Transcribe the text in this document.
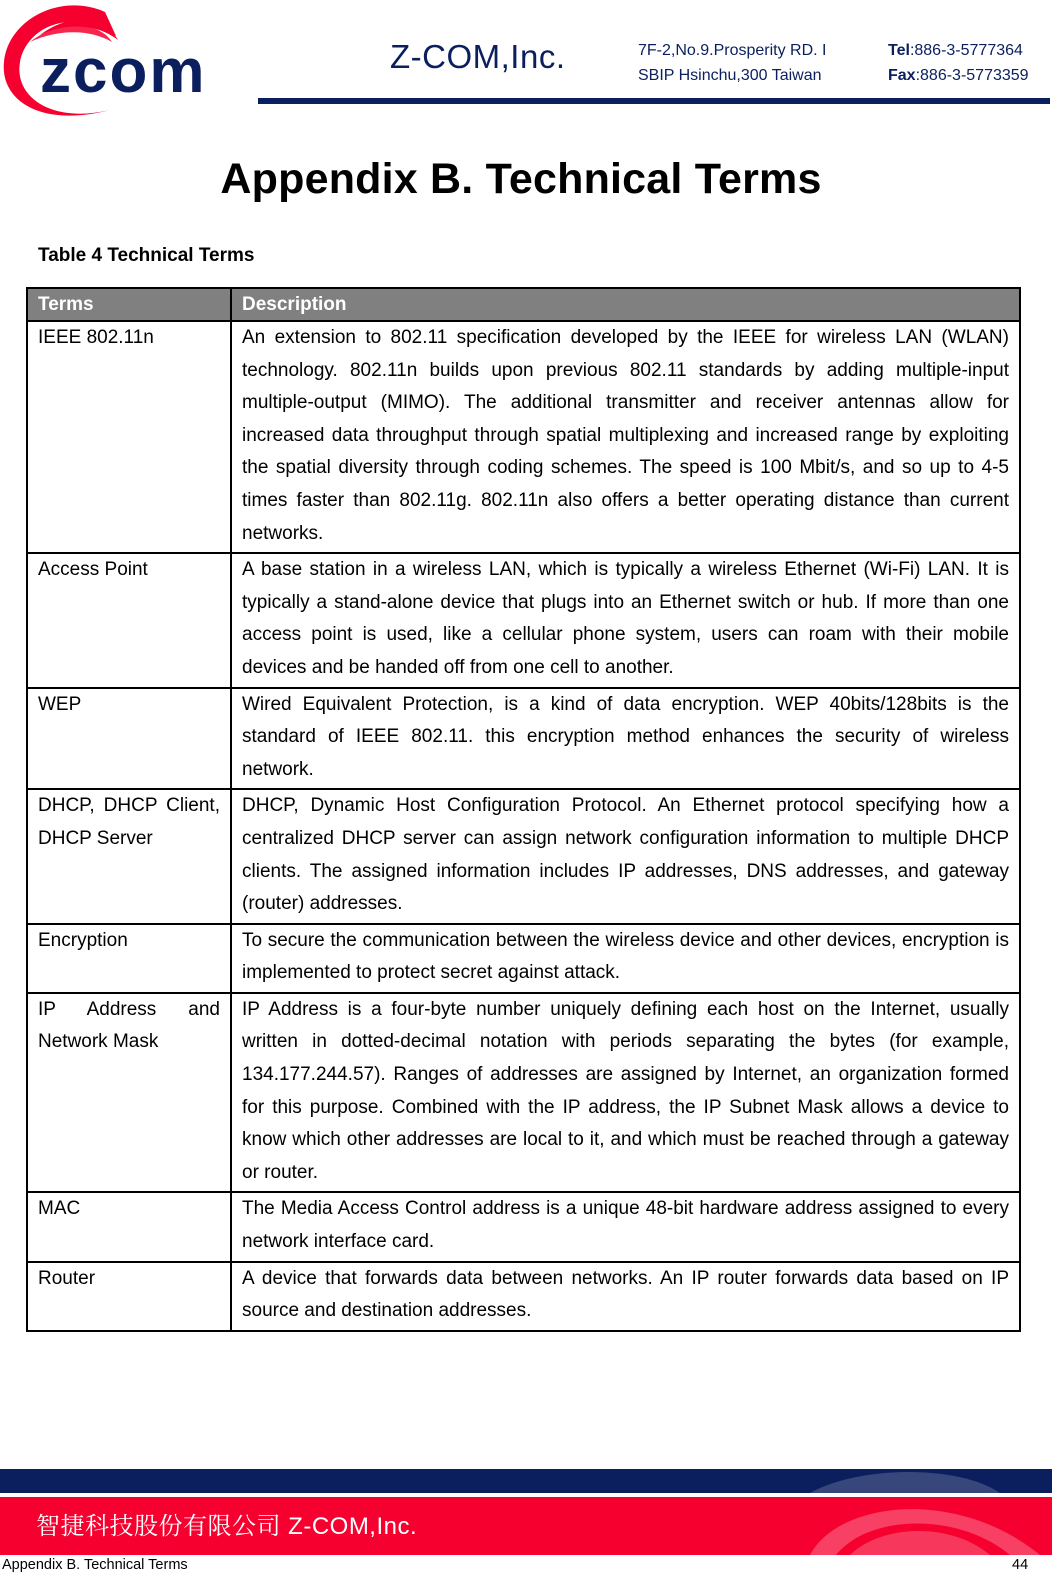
zcom	Z-COM,Inc.	7F-2,No.9.Prosperity RD. I
SBIP Hsinchu,300 Taiwan
Tel:886-3-5777364
Fax:886-3-5773359
Appendix B. Technical Terms
Table 4 Technical Terms
Terms	Description
IEEE 802.11n	An extension to 802.11 specification developed by the IEEE for wireless LAN (WLAN) technology. 802.11n builds upon previous 802.11 standards by adding multiple-input multiple-output (MIMO). The additional transmitter and receiver antennas allow for increased data throughput through spatial multiplexing and increased range by exploiting the spatial diversity through coding schemes. The speed is 100 Mbit/s, and so up to 4-5 times faster than 802.11g. 802.11n also offers a better operating distance than current networks.
Access Point	A base station in a wireless LAN, which is typically a wireless Ethernet (Wi-Fi) LAN. It is typically a stand-alone device that plugs into an Ethernet switch or hub. If more than one access point is used, like a cellular phone system, users can roam with their mobile devices and be handed off from one cell to another.
WEP	Wired Equivalent Protection, is a kind of data encryption. WEP 40bits/128bits is the standard of IEEE 802.11. this encryption method enhances the security of wireless network.
DHCP, DHCP Client, DHCP Server	DHCP, Dynamic Host Configuration Protocol. An Ethernet protocol specifying how a centralized DHCP server can assign network configuration information to multiple DHCP clients. The assigned information includes IP addresses, DNS addresses, and gateway (router) addresses.
Encryption	To secure the communication between the wireless device and other devices, encryption is implemented to protect secret against attack.
IP Address and Network Mask	IP Address is a four-byte number uniquely defining each host on the Internet, usually written in dotted-decimal notation with periods separating the bytes (for example, 134.177.244.57). Ranges of addresses are assigned by Internet, an organization formed for this purpose. Combined with the IP address, the IP Subnet Mask allows a device to know which other addresses are local to it, and which must be reached through a gateway or router.
MAC	The Media Access Control address is a unique 48-bit hardware address assigned to every network interface card.
Router	A device that forwards data between networks. An IP router forwards data based on IP source and destination addresses.
智捷科技股份有限公司 Z-COM,Inc.
Appendix B. Technical Terms	44
